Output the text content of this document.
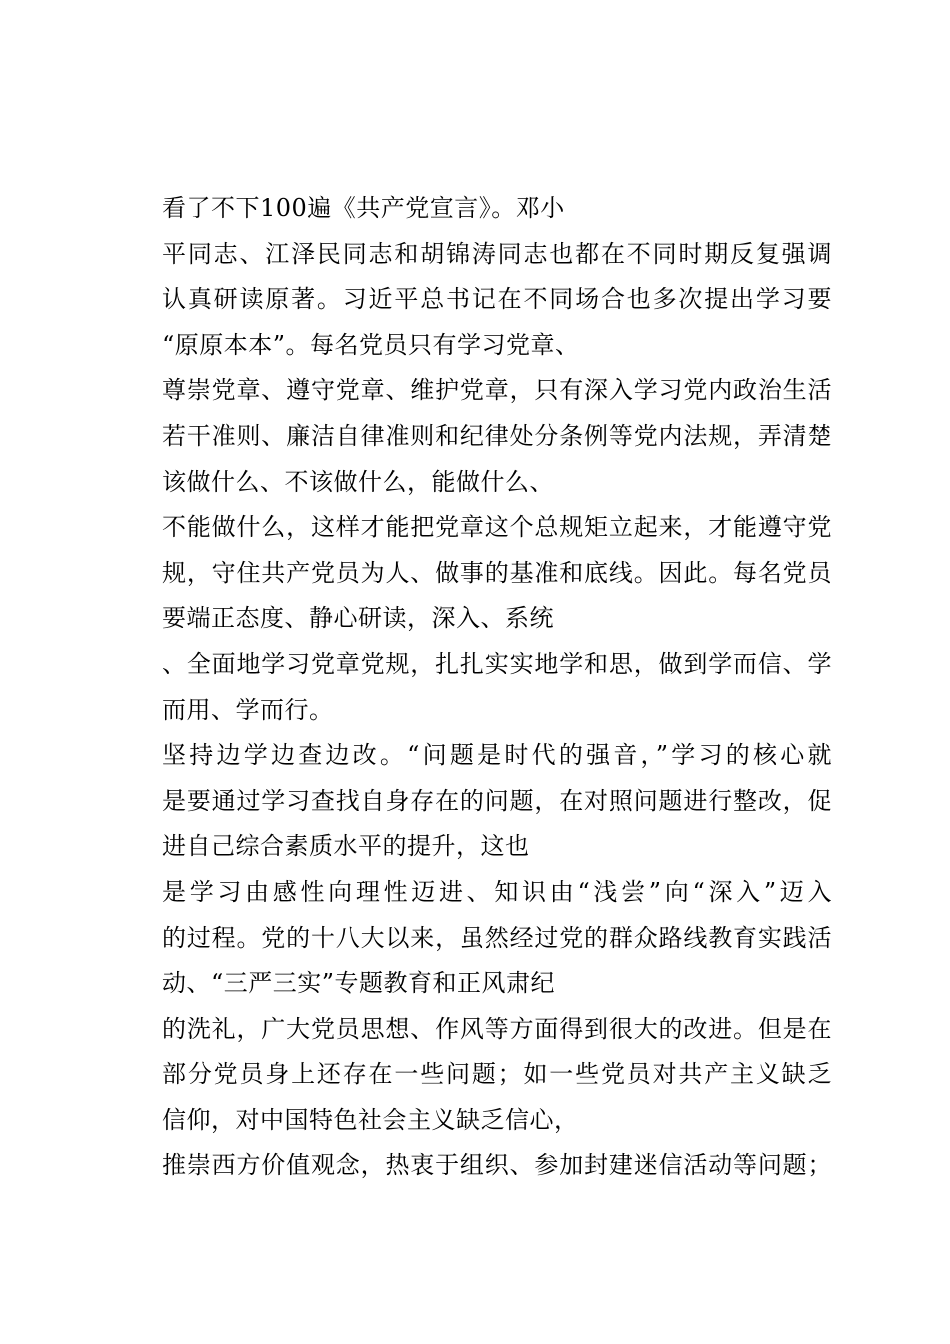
看了不下100遍《共产党宣言》。邓小
平同志、江泽民同志和胡锦涛同志也都在不同时期反复强调
认真研读原著。习近平总书记在不同场合也多次提出学习要
“原原本本”。每名党员只有学习党章、
尊崇党章、遵守党章、维护党章，只有深入学习党内政治生活
若干准则、廉洁自律准则和纪律处分条例等党内法规，弄清楚
该做什么、不该做什么，能做什么、
不能做什么，这样才能把党章这个总规矩立起来，才能遵守党
规，守住共产党员为人、做事的基准和底线。因此。每名党员
要端正态度、静心研读，深入、系统
、全面地学习党章党规，扎扎实实地学和思，做到学而信、学
而用、学而行。
坚持边学边查边改。“问题是时代的强音，”学习的核心就
是要通过学习查找自身存在的问题，在对照问题进行整改，促
进自己综合素质水平的提升，这也
是学习由感性向理性迈进、知识由“浅尝”向“深入”迈入
的过程。党的十八大以来，虽然经过党的群众路线教育实践活
动、“三严三实”专题教育和正风肃纪
的洗礼，广大党员思想、作风等方面得到很大的改进。但是在
部分党员身上还存在一些问题；如一些党员对共产主义缺乏
信仰，对中国特色社会主义缺乏信心，
推崇西方价值观念，热衷于组织、参加封建迷信活动等问题；
